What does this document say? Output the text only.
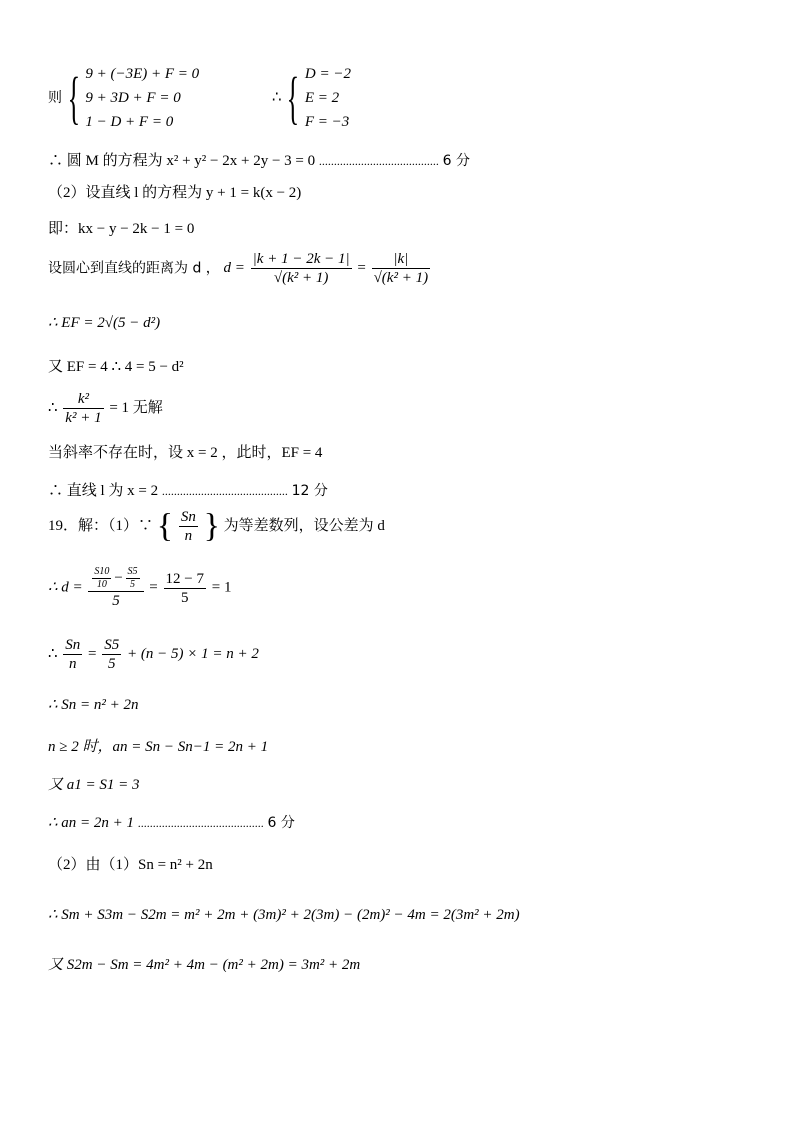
则 { 9 + (−3E) + F = 0
9 + 3D + F = 0
1 − D + F = 0
∴ { D = −2
E = 2
F = −3
∴ 圆 M 的方程为 x² + y² − 2x + 2y − 3 = 0 ........................................ 6 分
（2）设直线 l 的方程为 y + 1 = k(x − 2)
即：kx − y − 2k − 1 = 0
设圆心到直线的距离为 d ， $d = \frac{|k + 1 - 2k - 1|}{\text{√(k² + 1)}} = \frac{|k|}{\text{√(k² + 1)}}$
∴ EF = 2√(5 − d²)
又 EF = 4 ∴ 4 = 5 − d²
∴ $\frac{\text{k²}}{\text{k² + 1}} = 1$ 无解
当斜率不存在时，设 x = 2 ，此时，EF = 4
∴ 直线 l 为 x = 2 .......................................... 12 分
19．解：（1）∵ { $\frac{Sn}{n}$ } 为等差数列，设公差为 d
∴ $d = \frac{\frac{S10}{10} - \frac{S5}{5}}{5} = \frac{12 - 7}{5} = 1$
∴ $\frac{Sn}{n} = \frac{S5}{5} + (n - 5) \times 1 = n + 2$
∴ Sn = n² + 2n
n ≥ 2 时，an = Sn − Sn−1 = 2n + 1
又 a1 = S1 = 3
∴ an = 2n + 1 .......................................... 6 分
（2）由（1）Sn = n² + 2n
∴ Sm + S3m − S2m = m² + 2m + (3m)² + 2(3m) − (2m)² − 4m = 2(3m² + 2m)
又 S2m − Sm = 4m² + 4m − (m² + 2m) = 3m² + 2m
